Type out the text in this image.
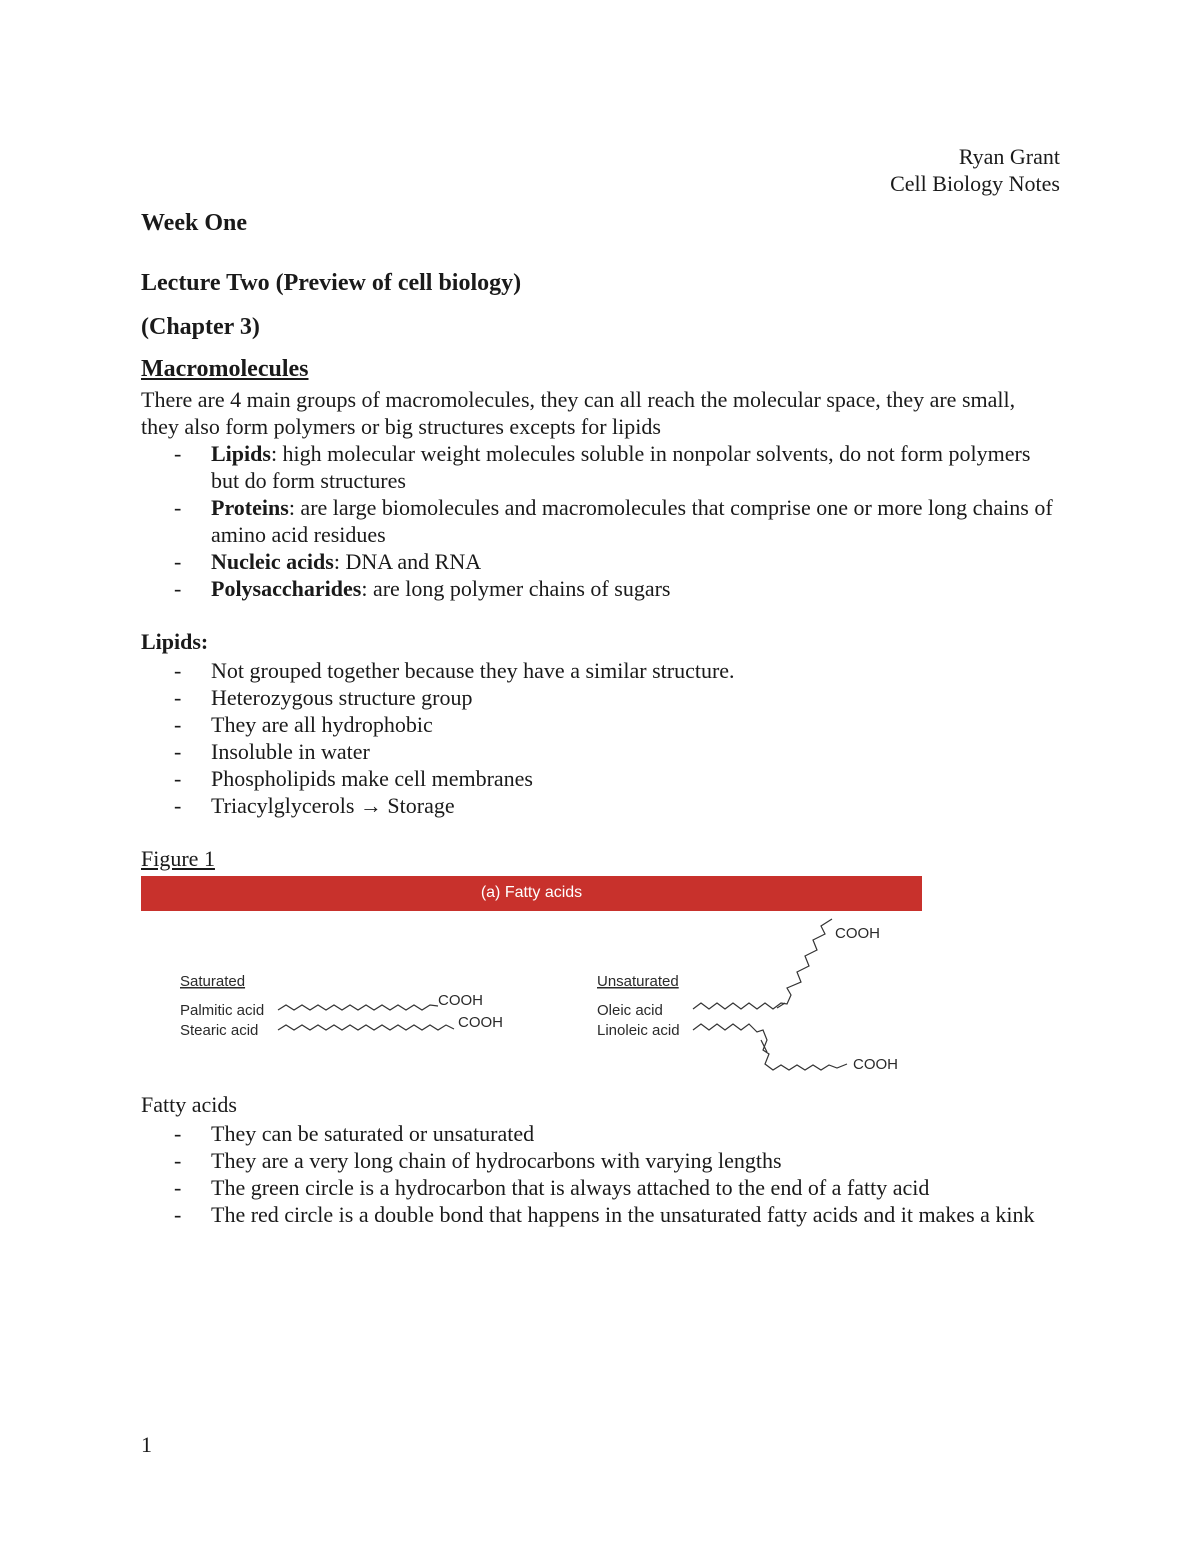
Ryan Grant
Cell Biology Notes
Week One
Lecture Two (Preview of cell biology)
(Chapter 3)
Macromolecules
There are 4 main groups of macromolecules, they can all reach the molecular space, they are small, they also form polymers or big structures excepts for lipids
- Lipids: high molecular weight molecules soluble in nonpolar solvents, do not form polymers but do form structures
- Proteins: are large biomolecules and macromolecules that comprise one or more long chains of amino acid residues
- Nucleic acids: DNA and RNA
- Polysaccharides: are long polymer chains of sugars
Lipids:
- Not grouped together because they have a similar structure.
- Heterozygous structure group
- They are all hydrophobic
- Insoluble in water
- Phospholipids make cell membranes
- Triacylglycerols → Storage
Figure 1
(a) Fatty acids
Saturated
Palmitic acid
Stearic acid
COOH
COOH
Unsaturated
Oleic acid
Linoleic acid
COOH
COOH
Fatty acids
- They can be saturated or unsaturated
- They are a very long chain of hydrocarbons with varying lengths
- The green circle is a hydrocarbon that is always attached to the end of a fatty acid
- The red circle is a double bond that happens in the unsaturated fatty acids and it makes a kink
1
